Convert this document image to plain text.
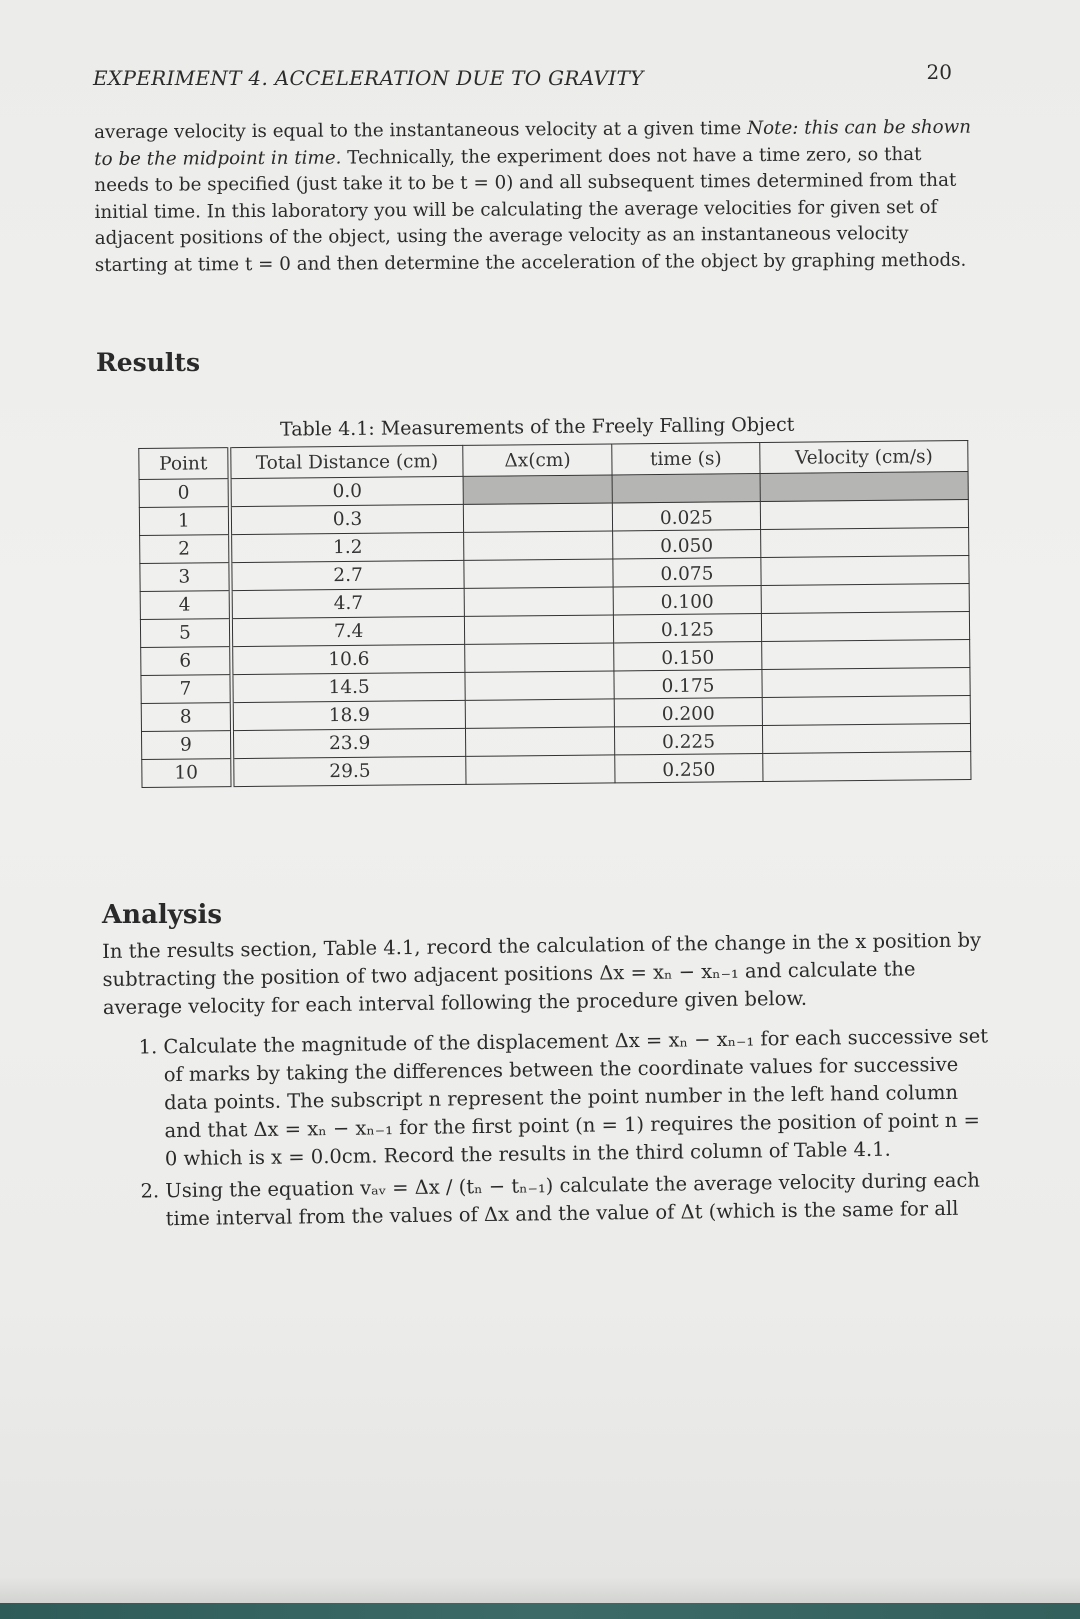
EXPERIMENT 4. ACCELERATION DUE TO GRAVITY	20
average velocity is equal to the instantaneous velocity at a given time Note: this can be shown to be the midpoint in time. Technically, the experiment does not have a time zero, so that needs to be specified (just take it to be t = 0) and all subsequent times determined from that initial time. In this laboratory you will be calculating the average velocities for given set of adjacent positions of the object, using the average velocity as an instantaneous velocity starting at time t = 0 and then determine the acceleration of the object by graphing methods.
Results
Table 4.1: Measurements of the Freely Falling Object
Point	Total Distance (cm)	Δx(cm)	time (s)	Velocity (cm/s)
0	0.0			
1	0.3		0.025	
2	1.2		0.050	
3	2.7		0.075	
4	4.7		0.100	
5	7.4		0.125	
6	10.6		0.150	
7	14.5		0.175	
8	18.9		0.200	
9	23.9		0.225	
10	29.5		0.250	
Analysis

In the results section, Table 4.1, record the calculation of the change in the x position by subtracting the position of two adjacent positions Δx = xₙ − xₙ₋₁ and calculate the average velocity for each interval following the procedure given below.

1. Calculate the magnitude of the displacement Δx = xₙ − xₙ₋₁ for each successive set of marks by taking the differences between the coordinate values for successive data points. The subscript n represent the point number in the left hand column and that Δx = xₙ − xₙ₋₁ for the first point (n = 1) requires the position of point n = 0 which is x = 0.0cm. Record the results in the third column of Table 4.1.
2. Using the equation vₐᵥ = Δx / (tₙ − tₙ₋₁) calculate the average velocity during each time interval from the values of Δx and the value of Δt (which is the same for all
